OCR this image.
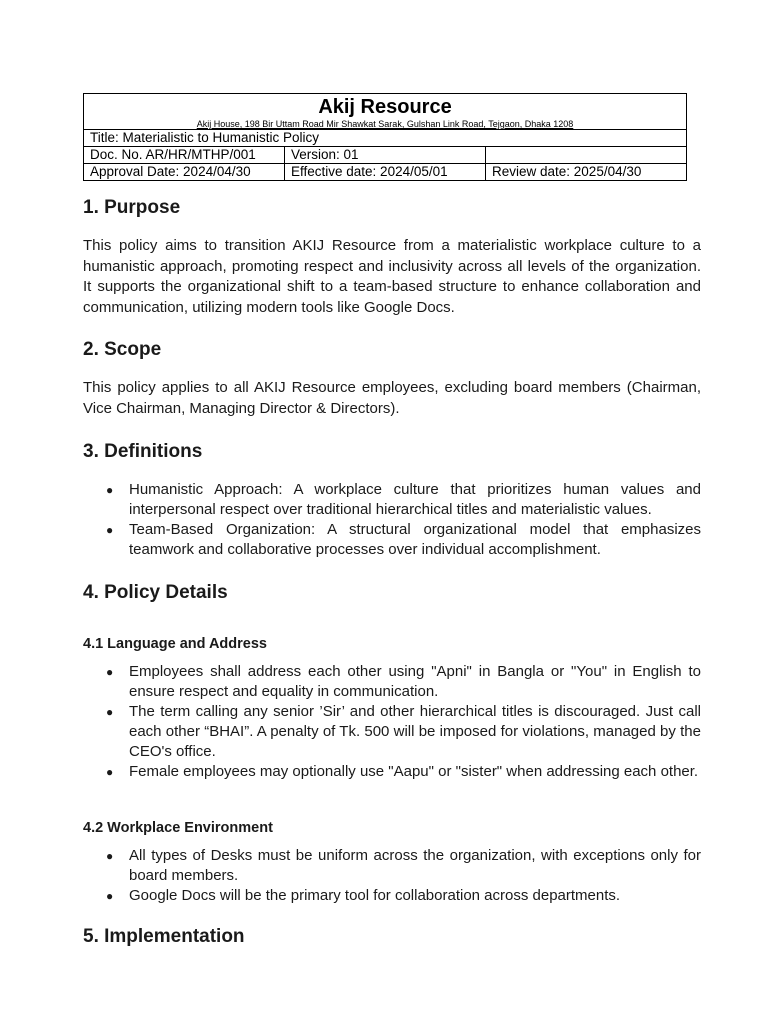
Akij Resource
Akij House, 198 Bir Uttam Road Mir Shawkat Sarak, Gulshan Link Road, Tejgaon, Dhaka 1208		

Title: Materialistic to Humanistic Policy		
Doc. No. AR/HR/MTHP/001	Version: 01	
Approval Date: 2024/04/30	Effective date: 2024/05/01	Review date: 2025/04/30
1. Purpose

This policy aims to transition AKIJ Resource from a materialistic workplace culture to a humanistic approach, promoting respect and inclusivity across all levels of the organization. It supports the organizational shift to a team-based structure to enhance collaboration and communication, utilizing modern tools like Google Docs.

2. Scope

This policy applies to all AKIJ Resource employees, excluding board members (Chairman, Vice Chairman, Managing Director & Directors).

3. Definitions
● Humanistic Approach: A workplace culture that prioritizes human values and interpersonal respect over traditional hierarchical titles and materialistic values.
● Team-Based Organization: A structural organizational model that emphasizes teamwork and collaborative processes over individual accomplishment.
4. Policy Details
4.1 Language and Address
● Employees shall address each other using "Apni" in Bangla or "You" in English to ensure respect and equality in communication.
● The term calling any senior ’Sir’ and other hierarchical titles is discouraged. Just call each other “BHAI”. A penalty of Tk. 500 will be imposed for violations, managed by the CEO's office.
● Female employees may optionally use "Aapu" or "sister" when addressing each other.
4.2 Workplace Environment
● All types of Desks must be uniform across the organization, with exceptions only for board members.
● Google Docs will be the primary tool for collaboration across departments.
5. Implementation
